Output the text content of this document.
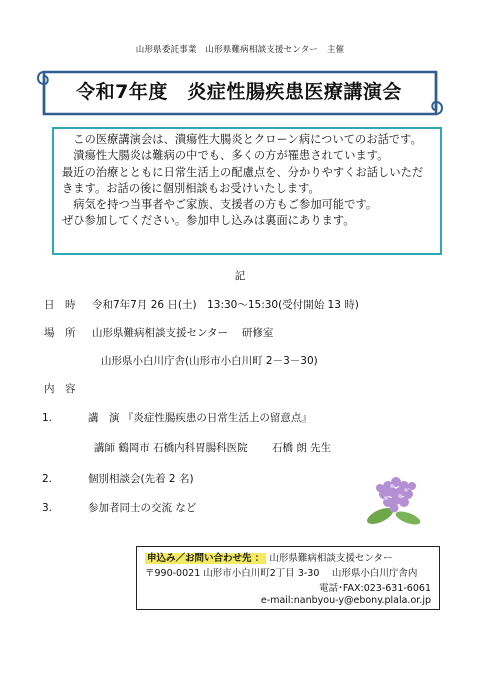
山形県委託事業　山形県難病相談支援センター　主催
令和7年度　炎症性腸疾患医療講演会

　この医療講演会は、潰瘍性大腸炎とクローン病についてのお話です。

　潰瘍性大腸炎は難病の中でも、多くの方が罹患されています。

最近の治療とともに日常生活上の配慮点を、分かりやすくお話しいただきます。お話の後に個別相談もお受けいたします。

　病気を持つ当事者やご家族、支援者の方もご参加可能です。

ぜひ参加してください。参加申し込みは裏面にあります。

記
日　時 令和7年7月 26 日(土)　13:30～15:30(受付開始 13 時)
場　所 山形県難病相談支援センター　 研修室
山形県小白川庁舎(山形市小白川町 2－3－30)
内　容
1.	講　演 『炎症性腸疾患の日常生活上の留意点』
講師 鶴岡市 石橋内科胃腸科医院　　 石橋 朗 先生
2.	個別相談会(先着 2 名)
3.	参加者同士の交流 など
申込み／お問い合わせ先 ： 山形県難病相談支援センター
〒990-0021 山形市小白川町2丁目 3-30　 山形県小白川庁舎内
電話･FAX:023-631-6061
e-mail:nanbyou-y@ebony.plala.or.jp
